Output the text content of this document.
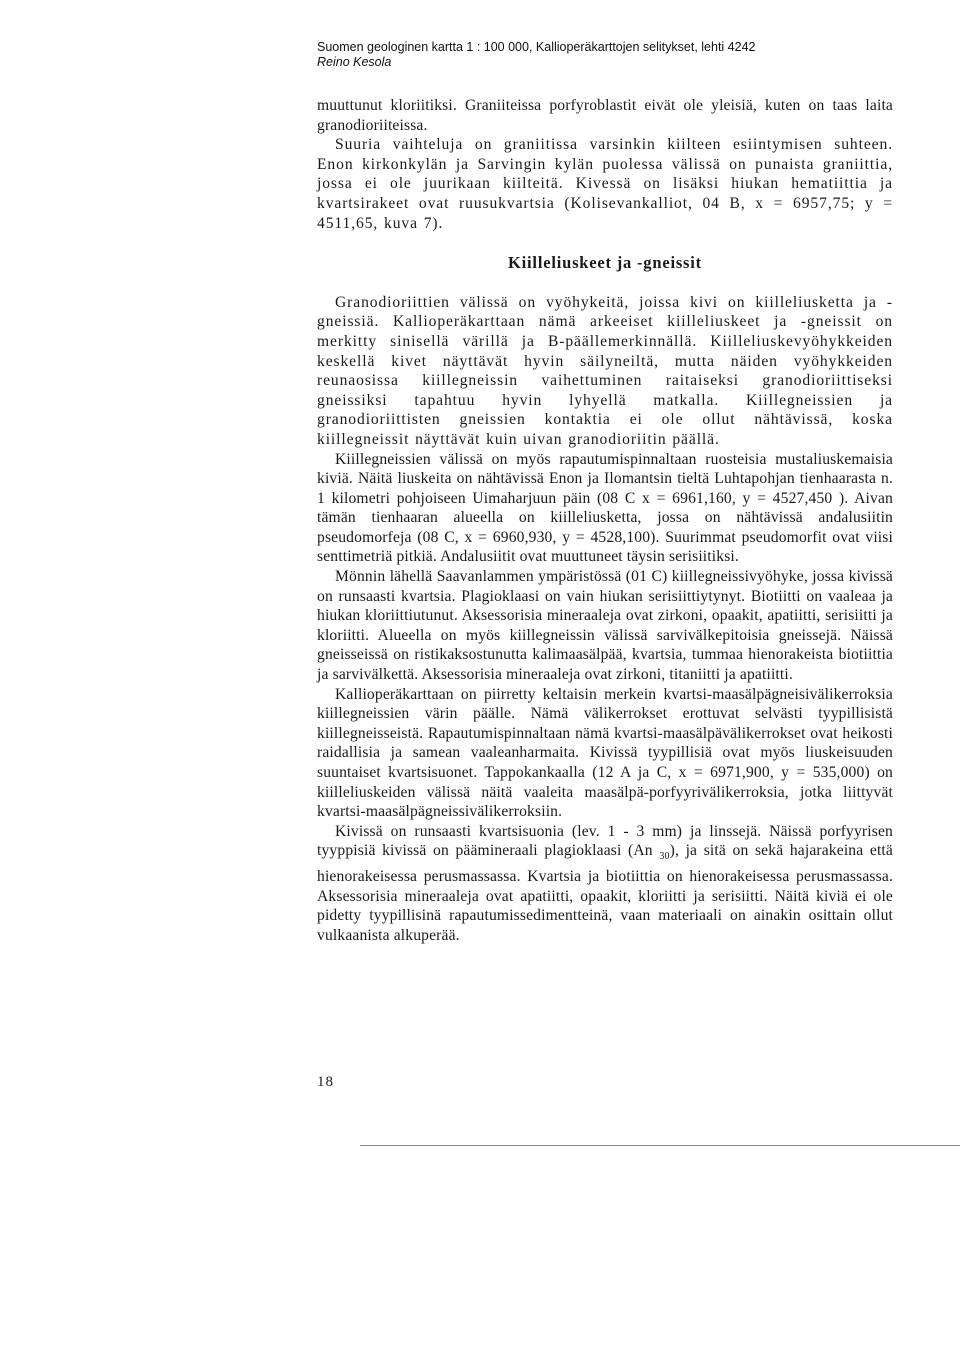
Suomen geologinen kartta 1 : 100 000, Kallioperäkarttojen selitykset, lehti 4242
Reino Kesola

muuttunut kloriitiksi. Graniiteissa porfyroblastit eivät ole yleisiä, kuten on taas laita granodioriiteissa.

Suuria vaihteluja on graniitissa varsinkin kiilteen esiintymisen suhteen. Enon kirkonkylän ja Sarvingin kylän puolessa välissä on punaista graniittia, jossa ei ole juurikaan kiilteitä. Kivessä on lisäksi hiukan hematiittia ja kvartsirakeet ovat ruusukvartsia (Kolisevankalliot, 04 B, x = 6957,75; y = 4511,65, kuva 7).

Kiilleliuskeet ja -gneissit

Granodioriittien välissä on vyöhykeitä, joissa kivi on kiilleliusketta ja -gneissiä. Kallioperäkarttaan nämä arkeeiset kiilleliuskeet ja -gneissit on merkitty sinisellä värillä ja B-päällemerkinnällä. Kiilleliuskevyöhykkeiden keskellä kivet näyttävät hyvin säilyneiltä, mutta näiden vyöhykkeiden reunaosissa kiillegneissin vaihettuminen raitaiseksi granodioriittiseksi gneissiksi tapahtuu hyvin lyhyellä matkalla. Kiillegneissien ja granodioriittisten gneissien kontaktia ei ole ollut nähtävissä, koska kiillegneissit näyttävät kuin uivan granodioriitin päällä.

Kiillegneissien välissä on myös rapautumispinnaltaan ruosteisia mustaliuskemaisia kiviä. Näitä liuskeita on nähtävissä Enon ja Ilomantsin tieltä Luhtapohjan tienhaarasta n. 1 kilometri pohjoiseen Uimaharjuun päin (08 C x = 6961,160, y = 4527,450 ). Aivan tämän tienhaaran alueella on kiilleliusketta, jossa on nähtävissä andalusiitin pseudomorfeja (08 C, x = 6960,930, y = 4528,100). Suurimmat pseudomorfit ovat viisi senttimetriä pitkiä. Andalusiitit ovat muuttuneet täysin serisiitiksi.

Mönnin lähellä Saavanlammen ympäristössä (01 C) kiillegneissivyöhyke, jossa kivissä on runsaasti kvartsia. Plagioklaasi on vain hiukan serisiittiytynyt. Biotiitti on vaaleaa ja hiukan kloriittiutunut. Aksessorisia mineraaleja ovat zirkoni, opaakit, apatiitti, serisiitti ja kloriitti. Alueella on myös kiillegneissin välissä sarvivälkepitoisia gneissejä. Näissä gneisseissä on ristikaksostunutta kalimaasälpää, kvartsia, tummaa hienorakeista biotiittia ja sarvivälkettä. Aksessorisia mineraaleja ovat zirkoni, titaniitti ja apatiitti.

Kallioperäkarttaan on piirretty keltaisin merkein kvartsi-maasälpägneisivälikerroksia kiillegneissien värin päälle. Nämä välikerrokset erottuvat selvästi tyypillisistä kiillegneisseistä. Rapautumispinnaltaan nämä kvartsi-maasälpävälikerrokset ovat heikosti raidallisia ja samean vaaleanharmaita. Kivissä tyypillisiä ovat myös liuskeisuuden suuntaiset kvartsisuonet. Tappokankaalla (12 A ja C, x = 6971,900, y = 535,000) on kiilleliuskeiden välissä näitä vaaleita maasälpä-porfyyrivälikerroksia, jotka liittyvät kvartsi-maasälpägneissivälikerroksiin.

Kivissä on runsaasti kvartsisuonia (lev. 1 - 3 mm) ja linssejä. Näissä porfyyrisen tyyppisiä kivissä on päämineraali plagioklaasi (An $_{30}$), ja sitä on sekä hajarakeina että hienorakeisessa perusmassassa. Kvartsia ja biotiittia on hienorakeisessa perusmassassa. Aksessorisia mineraaleja ovat apatiitti, opaakit, kloriitti ja serisiitti. Näitä kiviä ei ole pidetty tyypillisinä rapautumissedimentteinä, vaan materiaali on ainakin osittain ollut vulkaanista alkuperää.

18
